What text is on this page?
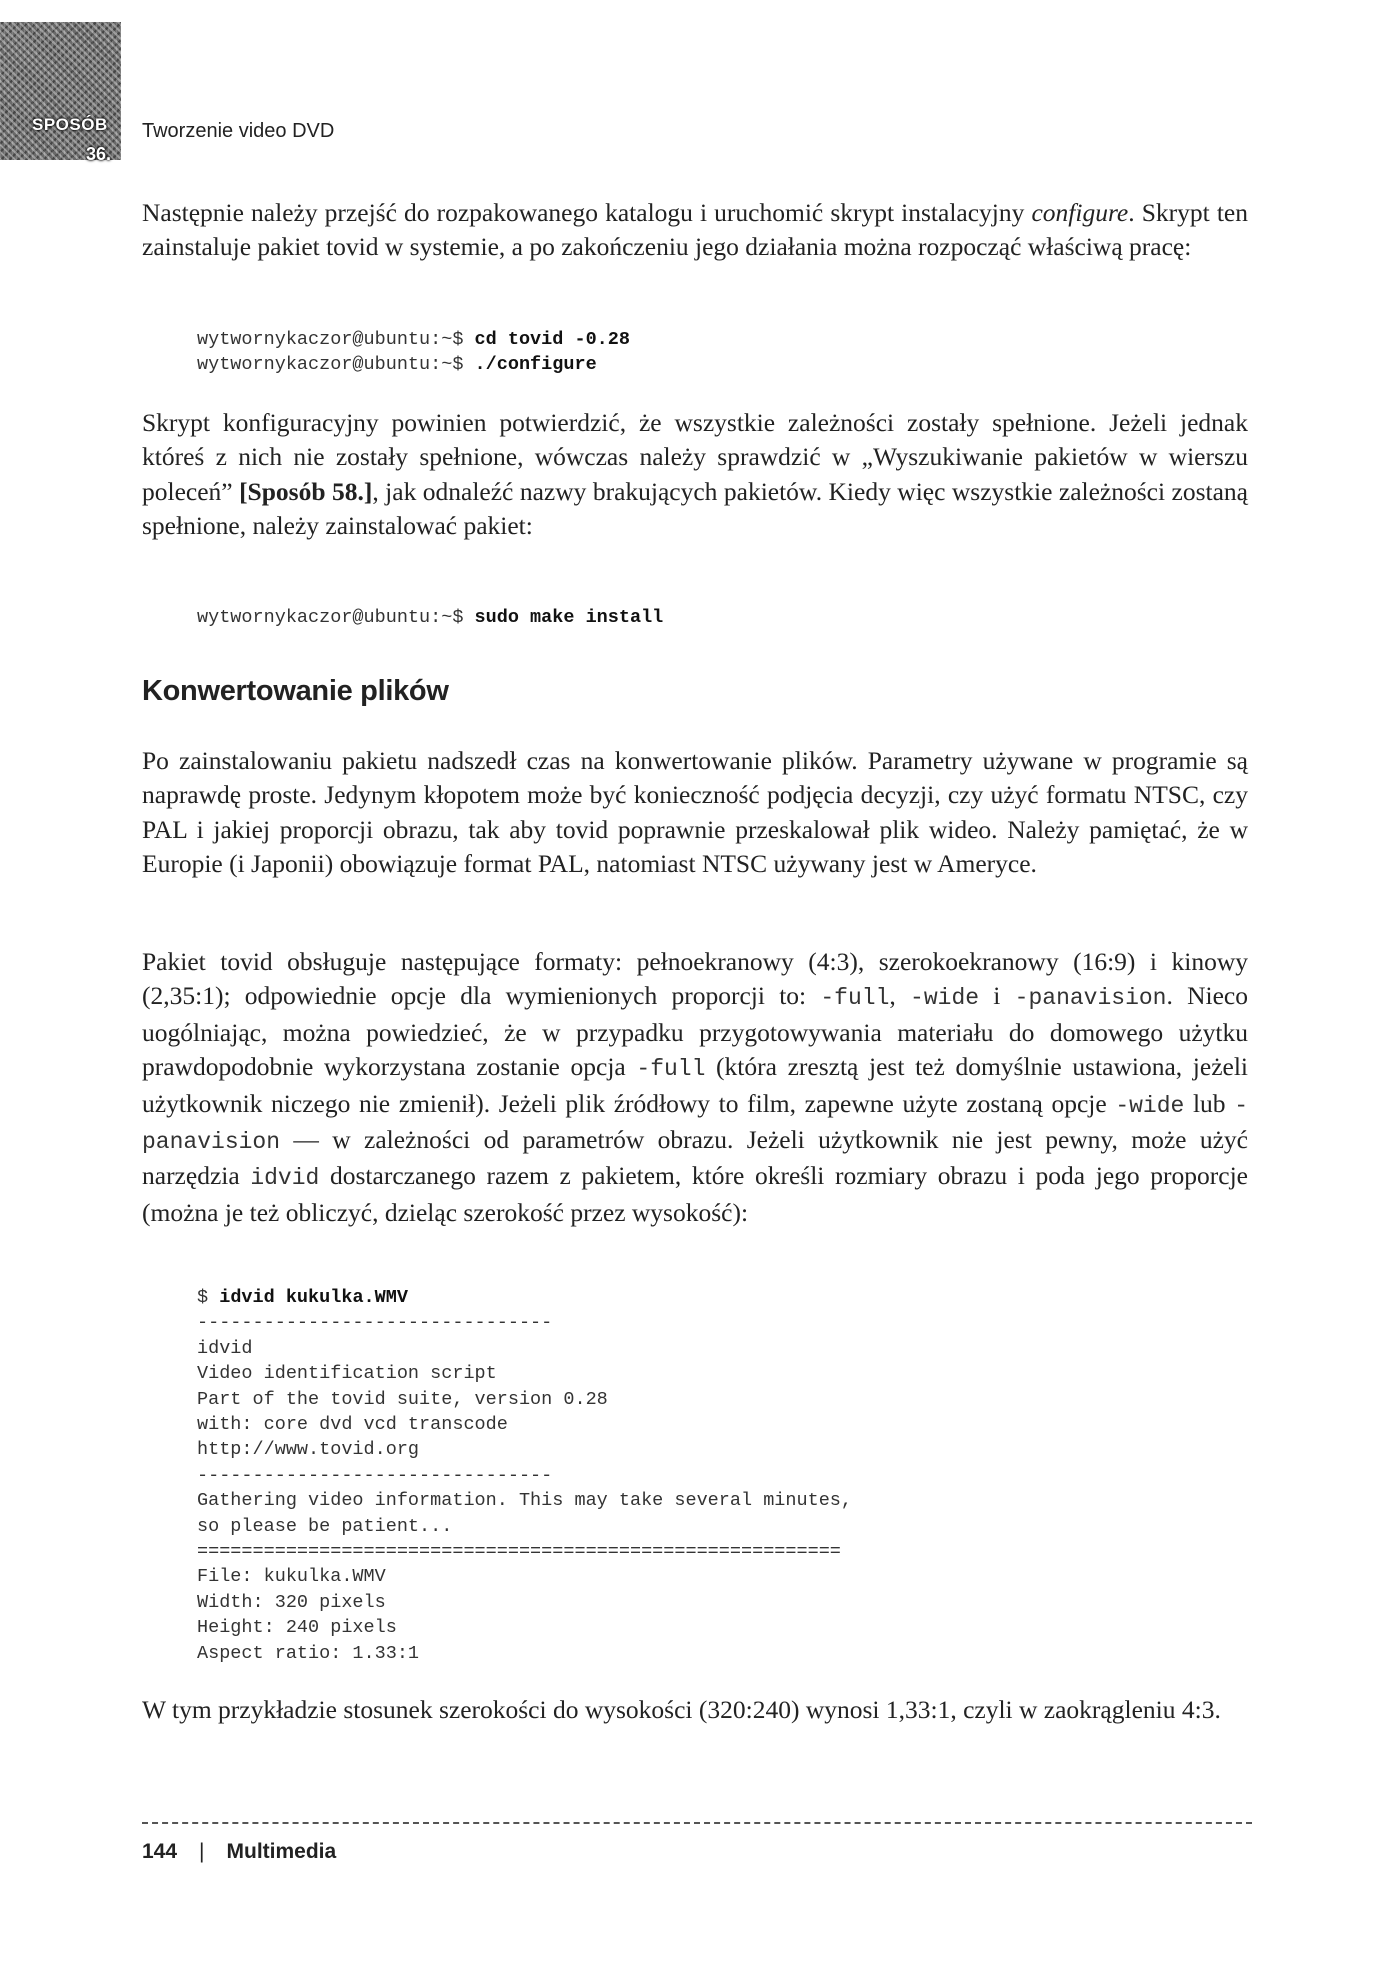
SPOSÓB
36.
Tworzenie video DVD

Następnie należy przejść do rozpakowanego katalogu i uruchomić skrypt instalacyjny configure. Skrypt ten zainstaluje pakiet tovid w systemie, a po zakończeniu jego działania można rozpocząć właściwą pracę:

wytwornykaczor@ubuntu:~$ cd tovid -0.28
wytwornykaczor@ubuntu:~$ ./configure

Skrypt konfiguracyjny powinien potwierdzić, że wszystkie zależności zostały spełnione. Jeżeli jednak któreś z nich nie zostały spełnione, wówczas należy sprawdzić w „Wyszukiwanie pakietów w wierszu poleceń” [Sposób 58.], jak odnaleźć nazwy brakujących pakietów. Kiedy więc wszystkie zależności zostaną spełnione, należy zainstalować pakiet:

wytwornykaczor@ubuntu:~$ sudo make install
Konwertowanie plików

Po zainstalowaniu pakietu nadszedł czas na konwertowanie plików. Parametry używane w programie są naprawdę proste. Jedynym kłopotem może być konieczność podjęcia decyzji, czy użyć formatu NTSC, czy PAL i jakiej proporcji obrazu, tak aby tovid poprawnie przeskalował plik wideo. Należy pamiętać, że w Europie (i Japonii) obowiązuje format PAL, natomiast NTSC używany jest w Ameryce.

Pakiet tovid obsługuje następujące formaty: pełnoekranowy (4:3), szerokoekranowy (16:9) i kinowy (2,35:1); odpowiednie opcje dla wymienionych proporcji to: -full, -wide i -panavision. Nieco uogólniając, można powiedzieć, że w przypadku przygotowywania materiału do domowego użytku prawdopodobnie wykorzystana zostanie opcja -full (która zresztą jest też domyślnie ustawiona, jeżeli użytkownik niczego nie zmienił). Jeżeli plik źródłowy to film, zapewne użyte zostaną opcje -wide lub -panavision — w zależności od parametrów obrazu. Jeżeli użytkownik nie jest pewny, może użyć narzędzia idvid dostarczanego razem z pakietem, które określi rozmiary obrazu i poda jego proporcje (można je też obliczyć, dzieląc szerokość przez wysokość):

$ idvid kukulka.WMV
--------------------------------
idvid
Video identification script
Part of the tovid suite, version 0.28
with: core dvd vcd transcode
http://www.tovid.org
--------------------------------
Gathering video information. This may take several minutes,
so please be patient...
==========================================================
File: kukulka.WMV
Width: 320 pixels
Height: 240 pixels
Aspect ratio: 1.33:1

W tym przykładzie stosunek szerokości do wysokości (320:240) wynosi 1,33:1, czyli w zaokrągleniu 4:3.

144 | Multimedia
